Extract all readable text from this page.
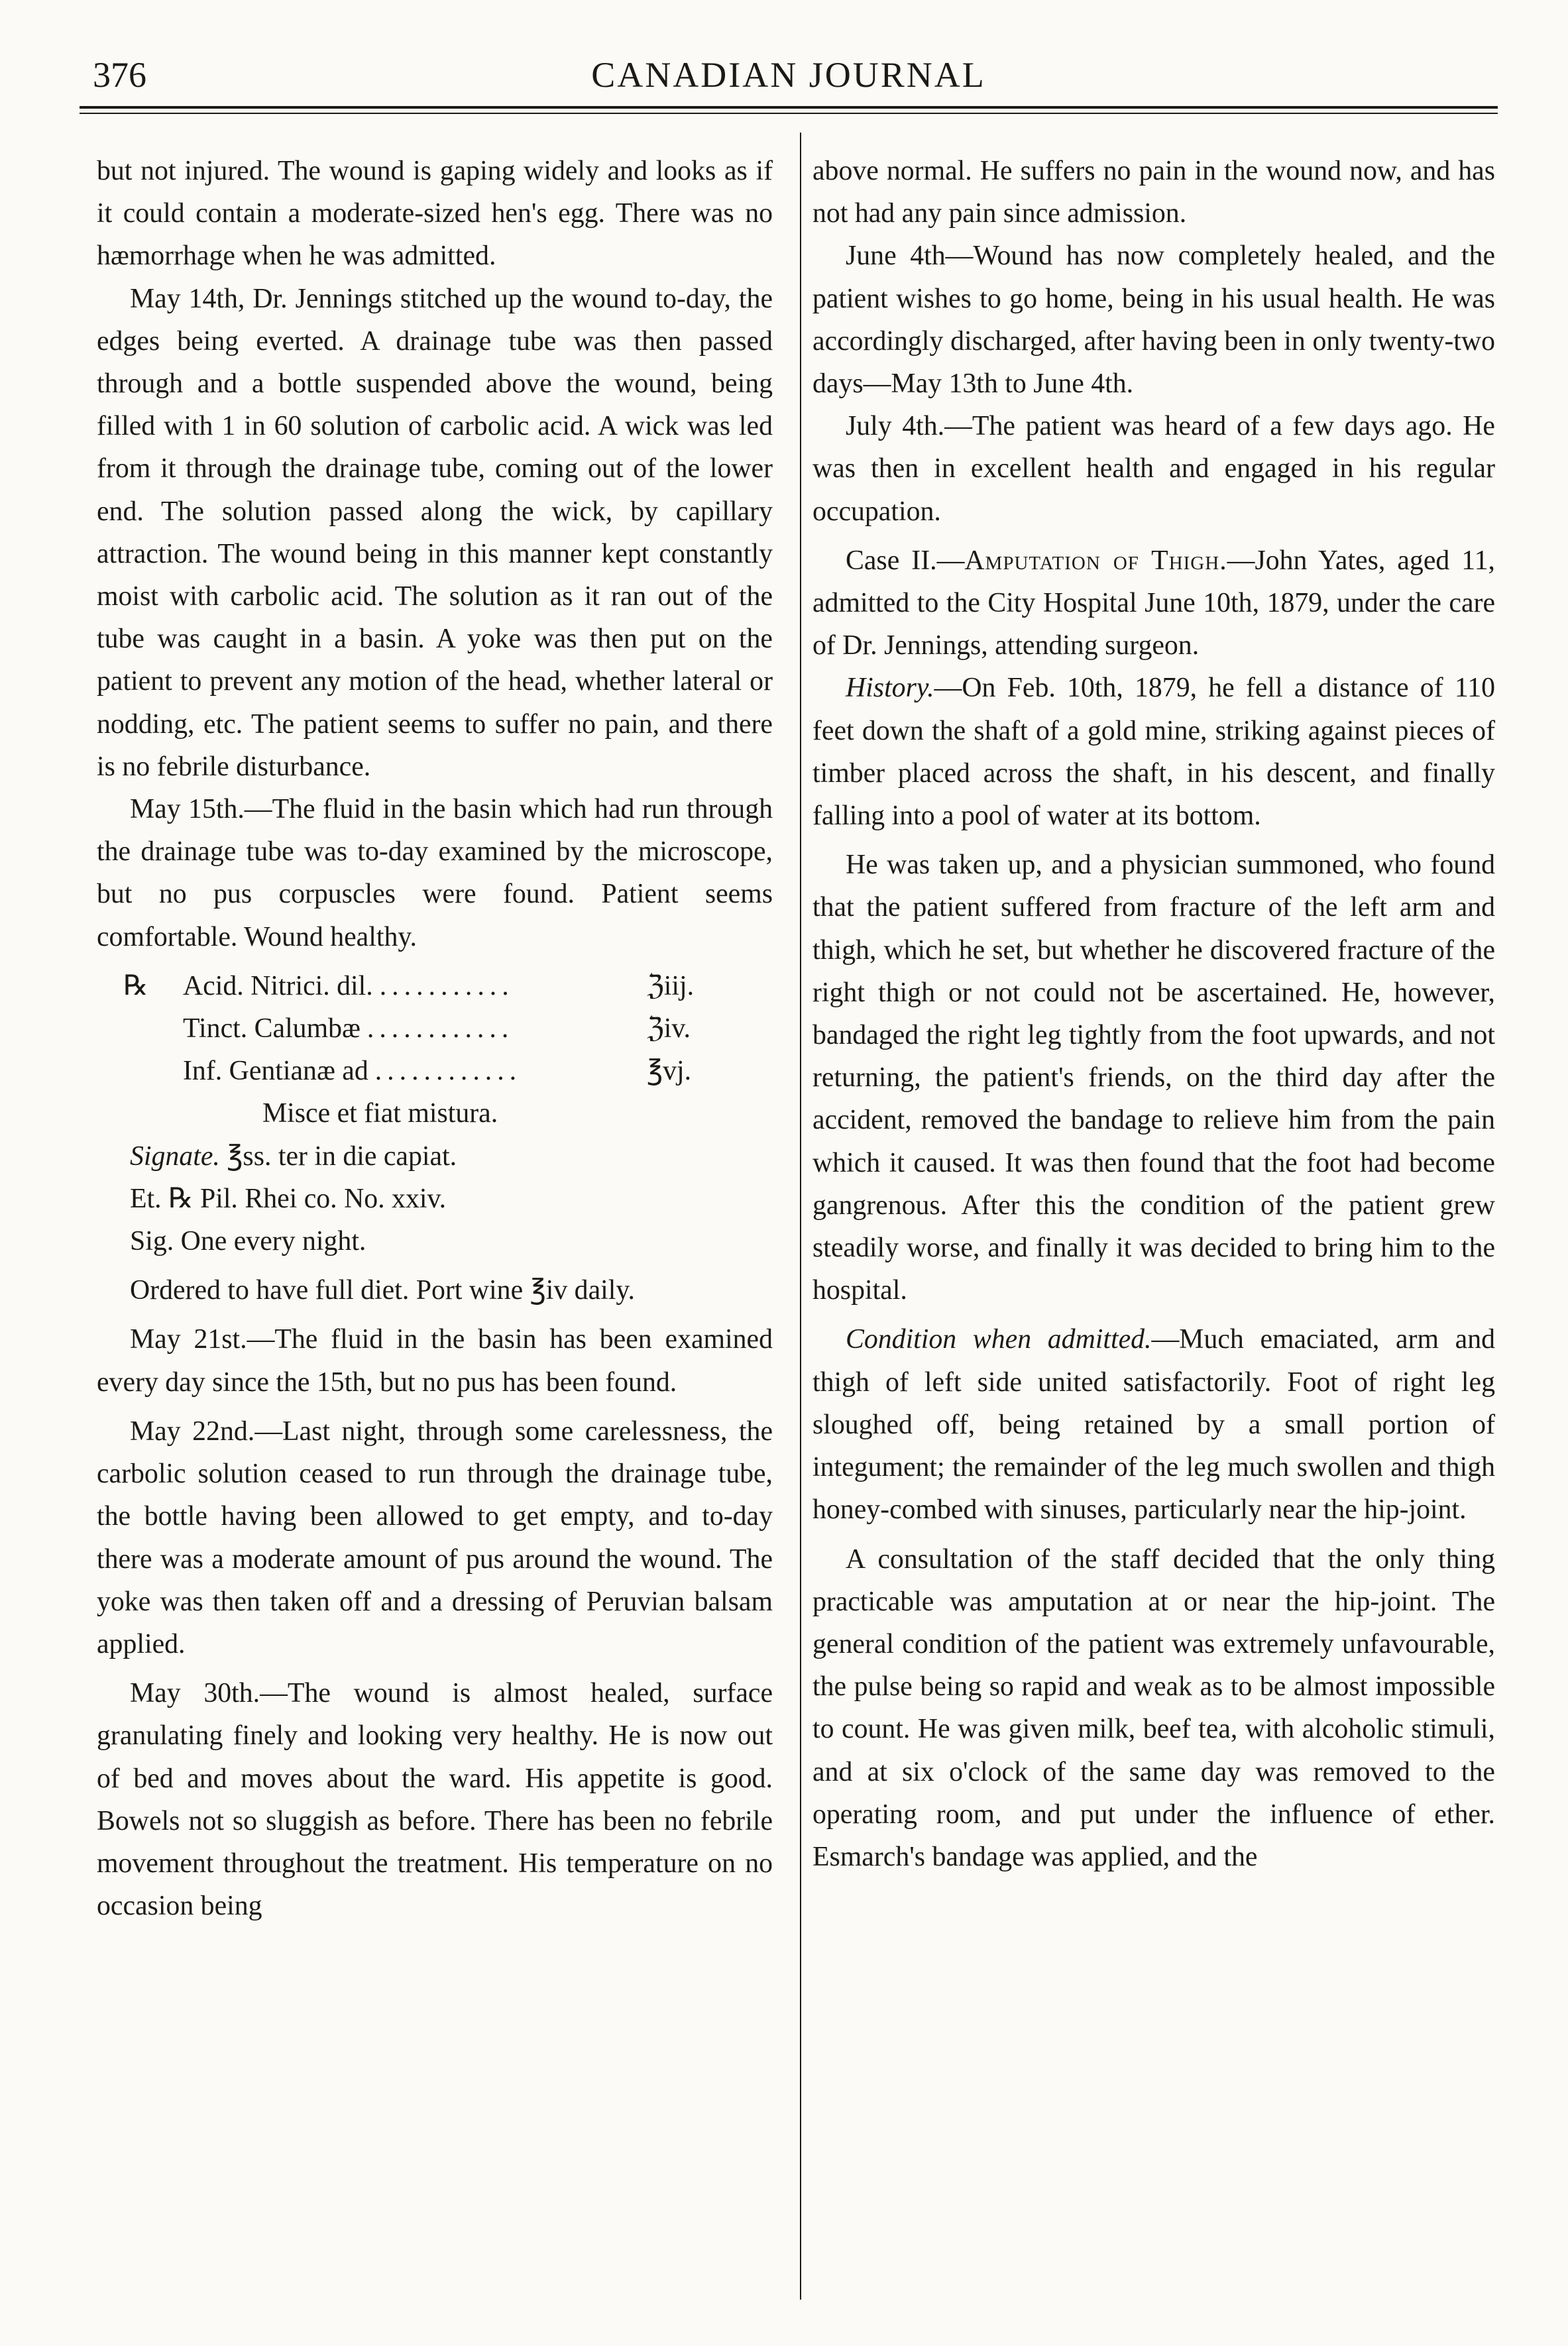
376	CANADIAN JOURNAL

but not injured. The wound is gaping widely and looks as if it could contain a moderate-sized hen's egg. There was no hæmorrhage when he was admitted.

May 14th, Dr. Jennings stitched up the wound to-day, the edges being everted. A drainage tube was then passed through and a bottle suspended above the wound, being filled with 1 in 60 solution of carbolic acid. A wick was led from it through the drainage tube, coming out of the lower end. The solution passed along the wick, by capillary attraction. The wound being in this manner kept constantly moist with carbolic acid. The solution as it ran out of the tube was caught in a basin. A yoke was then put on the patient to prevent any motion of the head, whether lateral or nodding, etc. The patient seems to suffer no pain, and there is no febrile disturbance.

May 15th.—The fluid in the basin which had run through the drainage tube was to-day examined by the microscope, but no pus corpuscles were found. Patient seems comfortable. Wound healthy.

℞	Acid. Nitrici. dil. ...........	ℨiij.
Tinct. Calumbæ ............	ℨiv.
Inf. Gentianæ ad ............	℥vj.
Misce et fiat mistura.
Signate. ℥ss. ter in die capiat.
Et. ℞ Pil. Rhei co. No. xxiv.
Sig. One every night.

Ordered to have full diet. Port wine ℥iv daily.

May 21st.—The fluid in the basin has been examined every day since the 15th, but no pus has been found.

May 22nd.—Last night, through some carelessness, the carbolic solution ceased to run through the drainage tube, the bottle having been allowed to get empty, and to-day there was a moderate amount of pus around the wound. The yoke was then taken off and a dressing of Peruvian balsam applied.

May 30th.—The wound is almost healed, surface granulating finely and looking very healthy. He is now out of bed and moves about the ward. His appetite is good. Bowels not so sluggish as before. There has been no febrile movement throughout the treatment. His temperature on no occasion being

above normal. He suffers no pain in the wound now, and has not had any pain since admission.

June 4th—Wound has now completely healed, and the patient wishes to go home, being in his usual health. He was accordingly discharged, after having been in only twenty-two days—May 13th to June 4th.

July 4th.—The patient was heard of a few days ago. He was then in excellent health and engaged in his regular occupation.

Case II.—Amputation of Thigh.—John Yates, aged 11, admitted to the City Hospital June 10th, 1879, under the care of Dr. Jennings, attending surgeon.

History.—On Feb. 10th, 1879, he fell a distance of 110 feet down the shaft of a gold mine, striking against pieces of timber placed across the shaft, in his descent, and finally falling into a pool of water at its bottom.

He was taken up, and a physician summoned, who found that the patient suffered from fracture of the left arm and thigh, which he set, but whether he discovered fracture of the right thigh or not could not be ascertained. He, however, bandaged the right leg tightly from the foot upwards, and not returning, the patient's friends, on the third day after the accident, removed the bandage to relieve him from the pain which it caused. It was then found that the foot had become gangrenous. After this the condition of the patient grew steadily worse, and finally it was decided to bring him to the hospital.

Condition when admitted.—Much emaciated, arm and thigh of left side united satisfactorily. Foot of right leg sloughed off, being retained by a small portion of integument; the remainder of the leg much swollen and thigh honey-combed with sinuses, particularly near the hip-joint.

A consultation of the staff decided that the only thing practicable was amputation at or near the hip-joint. The general condition of the patient was extremely unfavourable, the pulse being so rapid and weak as to be almost impossible to count. He was given milk, beef tea, with alcoholic stimuli, and at six o'clock of the same day was removed to the operating room, and put under the influence of ether. Esmarch's bandage was applied, and the
